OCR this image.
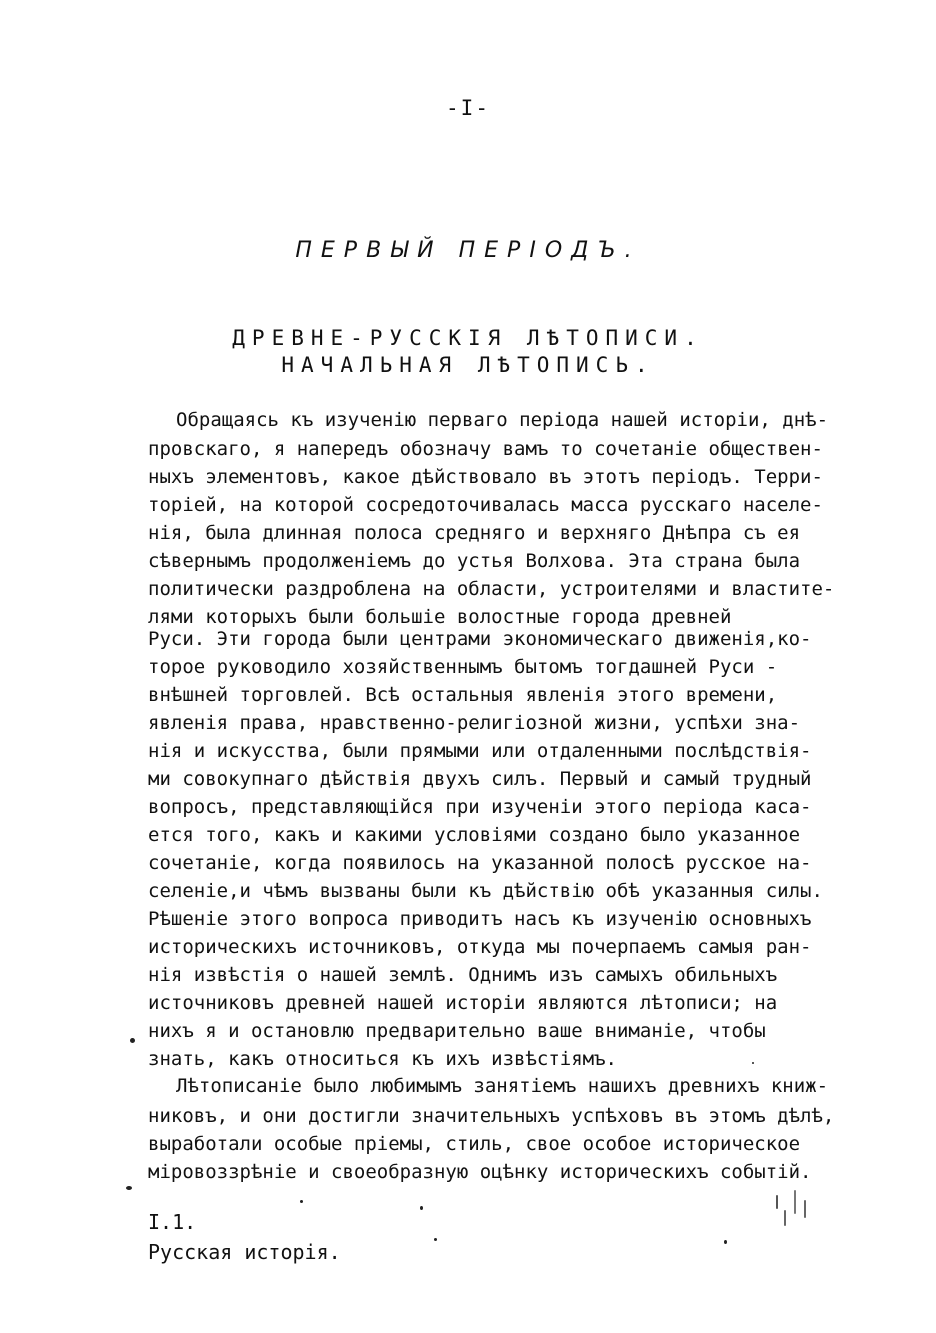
-I-
ПЕРВЫЙ ПЕРІОДЪ.
ДРЕВНЕ-РУССКІЯ ЛѢТОПИСИ.
НАЧАЛЬНАЯ ЛѢТОПИСЬ.
Обращаясь къ изученію перваго періода нашей исторіи, днѣ-
провскаго, я напередъ обозначу вамъ то сочетаніе обществен-
ныхъ элементовъ, какое дѣйствовало въ этотъ періодъ. Терри-
торіей, на которой сосредоточивалась масса русскаго населе-
нія, была длинная полоса средняго и верхняго Днѣпра съ ея
сѣвернымъ продолженіемъ до устья Волхова. Эта страна была
политически раздроблена на области, устроителями и властите-
лями которыхъ были большіе волостные города древней
Руси. Эти города были центрами экономическаго движенія,ко-
торое руководило хозяйственнымъ бытомъ тогдашней Руси -
внѣшней торговлей. Всѣ остальныя явленія этого времени,
явленія права, нравственно-религіозной жизни, успѣхи зна-
нія и искусства, были прямыми или отдаленными послѣдствія-
ми совокупнаго дѣйствія двухъ силъ. Первый и самый трудный
вопросъ, представляющійся при изученіи этого періода каса-
ется того, какъ и какими условіями создано было указанное
сочетаніе, когда появилось на указанной полосѣ русское на-
селеніе,и чѣмъ вызваны были къ дѣйствію обѣ указанныя силы.
Рѣшеніе этого вопроса приводитъ насъ къ изученію основныхъ
историческихъ источниковъ, откуда мы почерпаемъ самыя ран-
нія извѣстія о нашей землѣ. Однимъ изъ самыхъ обильныхъ
источниковъ древней нашей исторіи являются лѣтописи; на
нихъ я и остановлю предварительно ваше вниманіе, чтобы
знать, какъ относиться къ ихъ извѣстіямъ.
Лѣтописаніе было любимымъ занятіемъ нашихъ древнихъ книж-
никовъ, и они достигли значительныхъ успѣховъ въ этомъ дѣлѣ,
выработали особые пріемы, стиль, свое особое историческое
міровоззрѣніе и своеобразную оцѣнку историческихъ событій.
I.1.
Русская исторія.
